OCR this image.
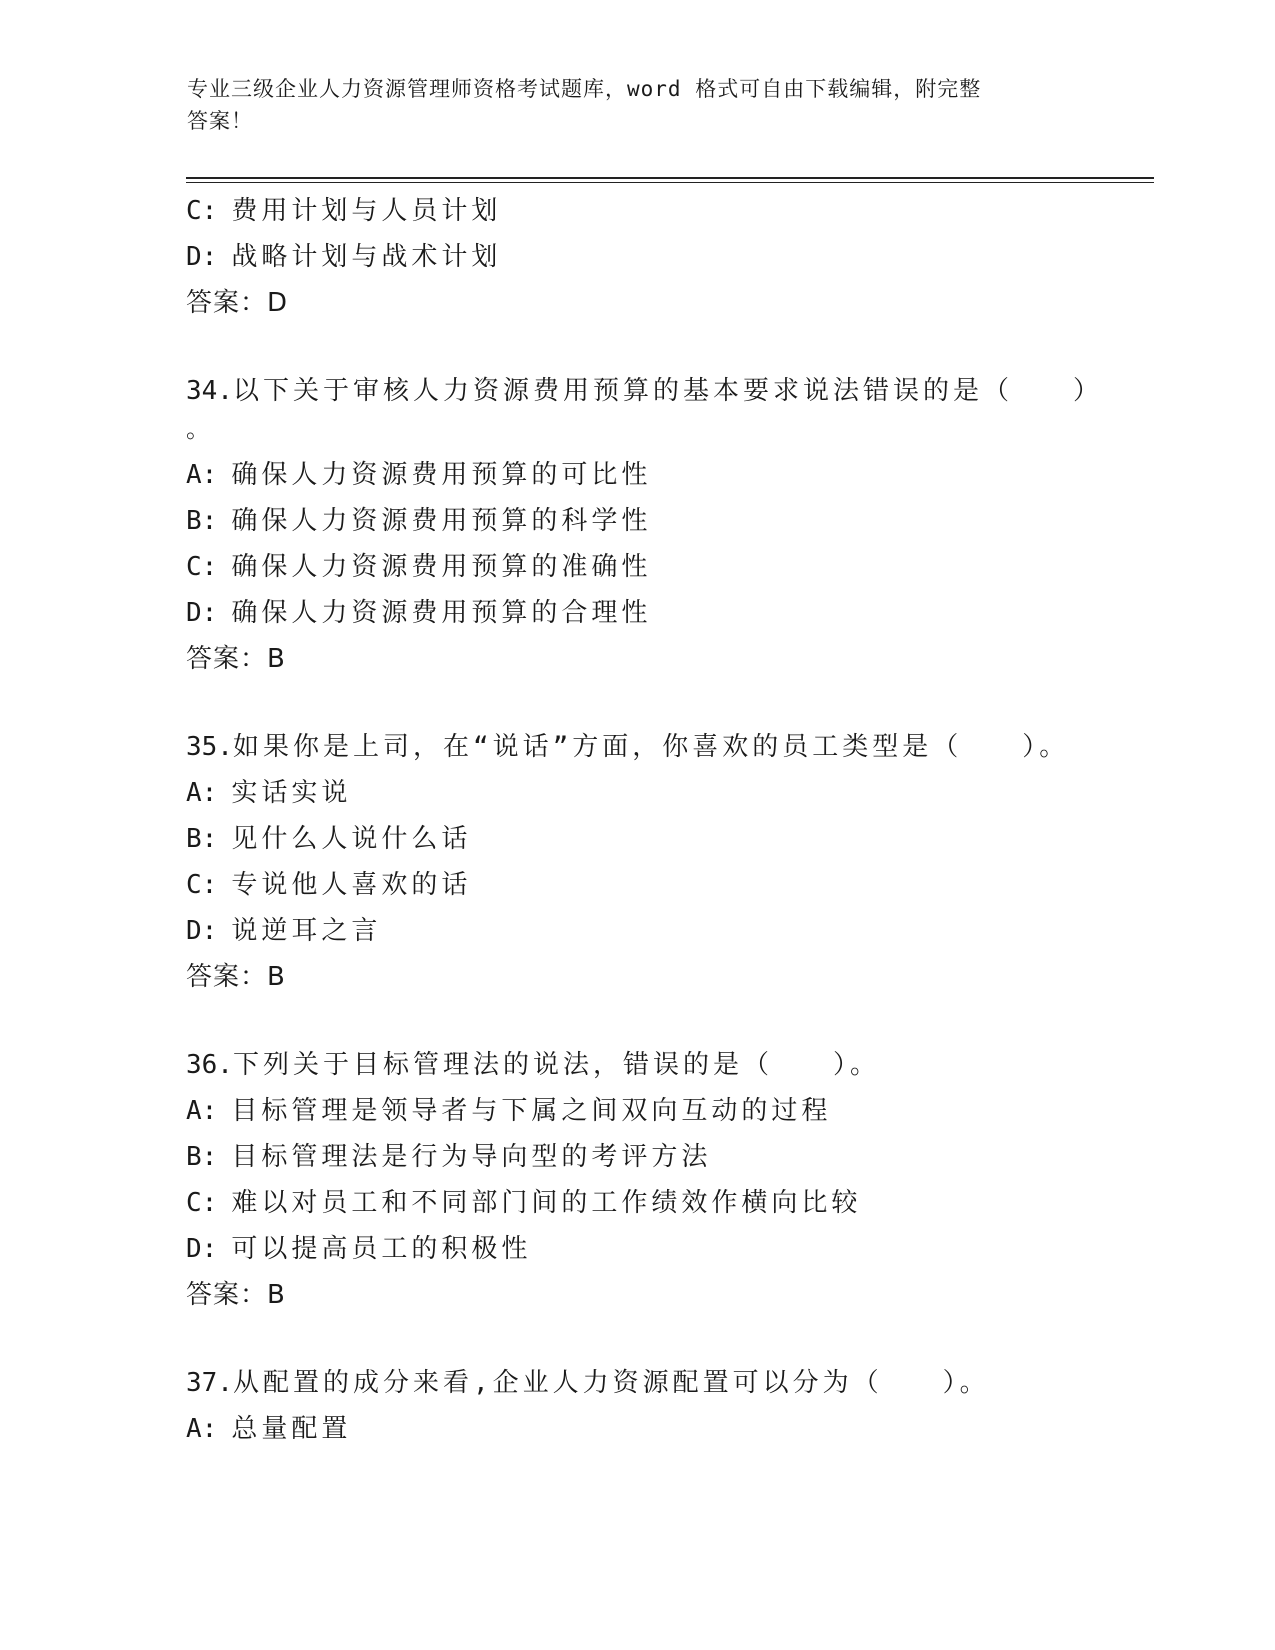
专业三级企业人力资源管理师资格考试题库，word 格式可自由下载编辑，附完整
答案！
C: 费用计划与人员计划
D: 战略计划与战术计划
答案：D
34.以下关于审核人力资源费用预算的基本要求说法错误的是（　　）
。
A: 确保人力资源费用预算的可比性
B: 确保人力资源费用预算的科学性
C: 确保人力资源费用预算的准确性
D: 确保人力资源费用预算的合理性
答案：B
35.如果你是上司，在“说话”方面，你喜欢的员工类型是（　　）。
A: 实话实说
B: 见什么人说什么话
C: 专说他人喜欢的话
D: 说逆耳之言
答案：B
36.下列关于目标管理法的说法，错误的是（　　）。
A: 目标管理是领导者与下属之间双向互动的过程
B: 目标管理法是行为导向型的考评方法
C: 难以对员工和不同部门间的工作绩效作横向比较
D: 可以提高员工的积极性
答案：B
37.从配置的成分来看,企业人力资源配置可以分为（　　）。
A: 总量配置
